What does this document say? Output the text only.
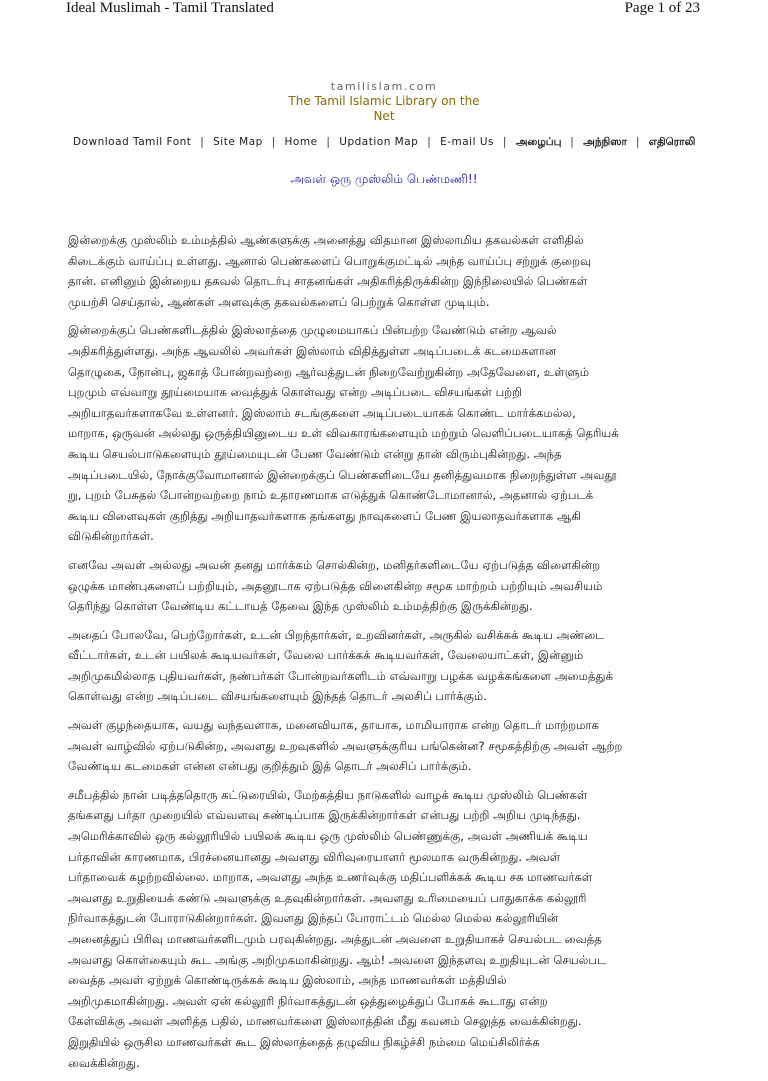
Ideal Muslimah - Tamil Translated	Page 1 of 23
tamilislam.com
The Tamil Islamic Library on the
Net
Download Tamil Font | Site Map | Home | Updation Map | E-mail Us | அழைப்பு | அந்நிஸா | எதிரொலி
அவள் ஒரு முஸ்லிம் பெண்மணி!!
இன்றைக்கு முஸ்லிம் உம்மத்தில் ஆண்களுக்கு அனைத்து விதமான இஸ்லாமிய தகவல்கள் எளிதில்
கிடைக்கும் வாய்ப்பு உள்ளது. ஆனால் பெண்களைப் பொறுக்குமட்டில் அந்த வாய்ப்பு சற்றுக் குறைவு
தான். எனினும் இன்றைய தகவல் தொடர்பு சாதனங்கள் அதிகரித்திருக்கின்ற இந்நிலையில் பெண்கள்
முயற்சி செய்தால், ஆண்கள் அளவுக்கு தகவல்களைப் பெற்றுக் கொள்ள முடியும்.
இன்றைக்குப் பெண்களிடத்தில் இஸ்லாத்தை முழுமையாகப் பின்பற்ற வேண்டும் என்ற ஆவல்
அதிகரித்துள்ளது. அந்த ஆவலில் அவர்கள் இஸ்லாம் விதித்துள்ள அடிப்படைக் கடமைகளான
தொழுகை, நோன்பு, ஜகாத் போன்றவற்றை ஆர்வத்துடன் நிறைவேற்றுகின்ற அதேவேளை, உள்ளும்
புறமும் எவ்வாறு தூய்மையாக வைத்துக் கொள்வது என்ற அடிப்படை விசயங்கள் பற்றி
அறியாதவர்களாகவே உள்ளனர். இஸ்லாம் சடங்குகளை அடிப்படையாகக் கொண்ட மார்க்கமல்ல,
மாறாக, ஒருவன் அல்லது ஒருத்தியினுடைய உள் விவகாரங்களையும் மற்றும் வெளிப்படையாகத் தெரியக்
கூடிய செயல்பாடுகளையும் தூய்மையுடன் பேண வேண்டும் என்று தான் விரும்புகின்றது. அந்த
அடிப்படையில், நோக்குவோமானால் இன்றைக்குப் பெண்களிடையே தனித்துவமாக நிறைந்துள்ள அவதூ
று, புறம் பேசுதல் போன்றவற்றை நாம் உதாரணமாக எடுத்துக் கொண்டோமானால், அதனால் ஏற்படக்
கூடிய விளைவுகள் குறித்து அறியாதவர்களாக தங்களது நாவுகளைப் பேண இயலாதவர்களாக ஆகி
விடுகின்றார்கள்.
எனவே அவள் அல்லது அவன் தனது மார்க்கம் சொல்கின்ற, மனிதர்களிடையே ஏற்படுத்த விளைகின்ற
ஒழுக்க மாண்புகளைப் பற்றியும், அதனூடாக ஏற்படுத்த விளைகின்ற சமூக மாற்றம் பற்றியும் அவசியம்
தெரிந்து கொள்ள வேண்டிய கட்டாயத் தேவை இந்த முஸ்லிம் உம்மத்திற்கு இருக்கின்றது.
அதைப் போலவே, பெற்றோர்கள், உடன் பிறந்தார்கள், உறவினர்கள், அருகில் வசிக்கக் கூடிய அண்டை
வீட்டார்கள், உடன் பயிலக் கூடியவர்கள், வேலை பார்க்கக் கூடியவர்கள், வேலையாட்கள், இன்னும்
அறிமுகமில்லாத புதியவர்கள், நண்பர்கள் போன்றவர்களிடம் எவ்வாறு பழக்க வழக்கங்களை அமைத்துக்
கொள்வது என்ற அடிப்படை விசயங்களையும் இந்தத் தொடர் அலசிப் பார்க்கும்.
அவள் குழந்தையாக, வயது வந்தவளாக, மனைவியாக, தாயாக, மாமியாராக என்ற தொடர் மாற்றமாக
அவள் வாழ்வில் ஏற்படுகின்ற, அவளது உறவுகளில் அவளுக்குரிய பங்கென்ன? சமூகத்திற்கு அவள் ஆற்ற
வேண்டிய கடமைகள் என்ன என்பது குறித்தும் இத் தொடர் அலசிப் பார்க்கும்.
சமீபத்தில் நான் படித்ததொரு கட்டுரையில், மேற்கத்திய நாடுகளில் வாழக் கூடிய முஸ்லிம் பெண்கள்
தங்களது பர்தா முறையில் எவ்வளவு கண்டிப்பாக இருக்கின்றார்கள் என்பது பற்றி அறிய முடிந்தது.
அமெரிக்காவில் ஒரு கல்லூரியில் பயிலக் கூடிய ஒரு முஸ்லிம் பெண்ணுக்கு, அவள் அணியக் கூடிய
பர்தாவின் காரணமாக, பிரச்னையானது அவளது விரிவுரையாளர் மூலமாக வருகின்றது. அவள்
பர்தாவைக் கழற்றவில்லை. மாறாக, அவளது அந்த உணர்வுக்கு மதிப்பளிக்கக் கூடிய சக மாணவர்கள்
அவளது உறுதியைக் கண்டு அவளுக்கு உதவுகின்றார்கள். அவளது உரிமையைப் பாதுகாக்க கல்லூரி
நிர்வாகத்துடன் போராடுகின்றார்கள். இவளது இந்தப் போராட்டம் மெல்ல மெல்ல கல்லூரியின்
அனைத்துப் பிரிவு மாணவர்களிடமும் பரவுகின்றது. அத்துடன் அவளை உறுதியாகச் செயல்பட வைத்த
அவளது கொள்கையும் கூட அங்கு அறிமுகமாகின்றது. ஆம்! அவளை இந்தளவு உறுதியுடன் செயல்பட
வைத்த அவள் ஏற்றுக் கொண்டிருக்கக் கூடிய இஸ்லாம், அந்த மாணவர்கள் மத்தியில்
அறிமுகமாகின்றது. அவள் ஏன் கல்லூரி நிர்வாகத்துடன் ஒத்துழைக்துப் போகக் கூடாது என்ற
கேள்விக்கு அவள் அளித்த பதில், மாணவர்களை இஸ்லாத்தின் மீது கவனம் செலுத்த வைக்கின்றது.
இறுதியில் ஒருசில மாணவர்கள் கூட இஸ்லாத்தைத் தழுவிய நிகழ்ச்சி நம்மை மெய்சிலிர்க்க
வைக்கின்றது.
